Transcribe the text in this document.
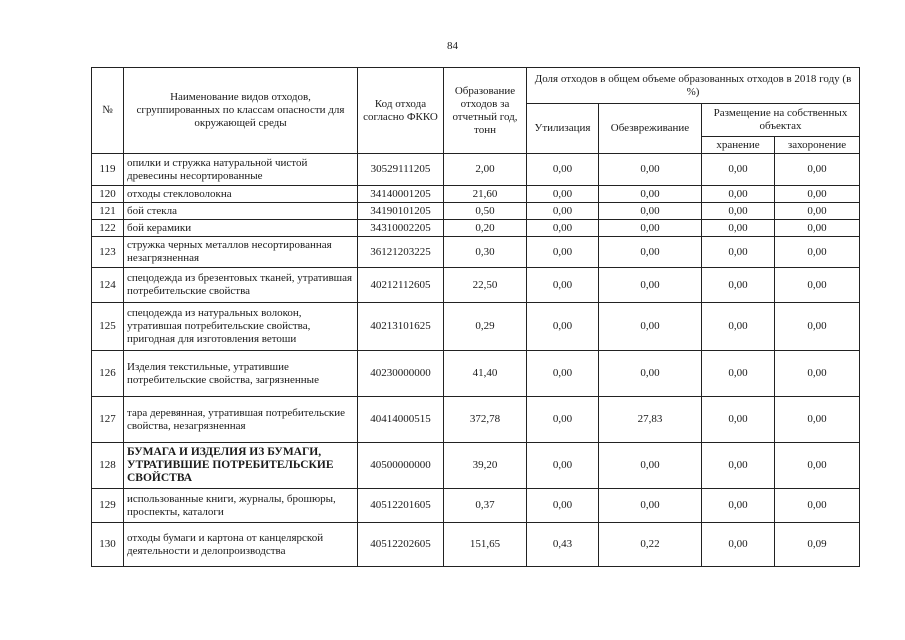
84
№	Наименование видов отходов, сгруппированных по классам опасности для окружающей среды	Код отхода согласно ФККО	Образование отходов за отчетный год, тонн	Доля отходов в общем объеме образованных отходов в 2018 году (в %)			
				Утилизация	Обезвреживание	Размещение на собственных объектах	
						хранение	захоронение
119	опилки и стружка натуральной чистой древесины несортированные	30529111205	2,00	0,00	0,00	0,00	0,00
120	отходы стекловолокна	34140001205	21,60	0,00	0,00	0,00	0,00
121	бой стекла	34190101205	0,50	0,00	0,00	0,00	0,00
122	бой керамики	34310002205	0,20	0,00	0,00	0,00	0,00
123	стружка черных металлов несортированная незагрязненная	36121203225	0,30	0,00	0,00	0,00	0,00
124	спецодежда из брезентовых тканей, утратившая потребительские свойства	40212112605	22,50	0,00	0,00	0,00	0,00
125	спецодежда из натуральных волокон, утратившая потребительские свойства, пригодная для изготовления ветоши	40213101625	0,29	0,00	0,00	0,00	0,00
126	Изделия текстильные, утратившие потребительские свойства, загрязненные	40230000000	41,40	0,00	0,00	0,00	0,00
127	тара деревянная, утратившая потребительские свойства, незагрязненная	40414000515	372,78	0,00	27,83	0,00	0,00
128	БУМАГА И ИЗДЕЛИЯ ИЗ БУМАГИ, УТРАТИВШИЕ ПОТРЕБИТЕЛЬСКИЕ СВОЙСТВА	40500000000	39,20	0,00	0,00	0,00	0,00
129	использованные книги, журналы, брошюры, проспекты, каталоги	40512201605	0,37	0,00	0,00	0,00	0,00
130	отходы бумаги и картона от канцелярской деятельности и делопроизводства	40512202605	151,65	0,43	0,22	0,00	0,09
